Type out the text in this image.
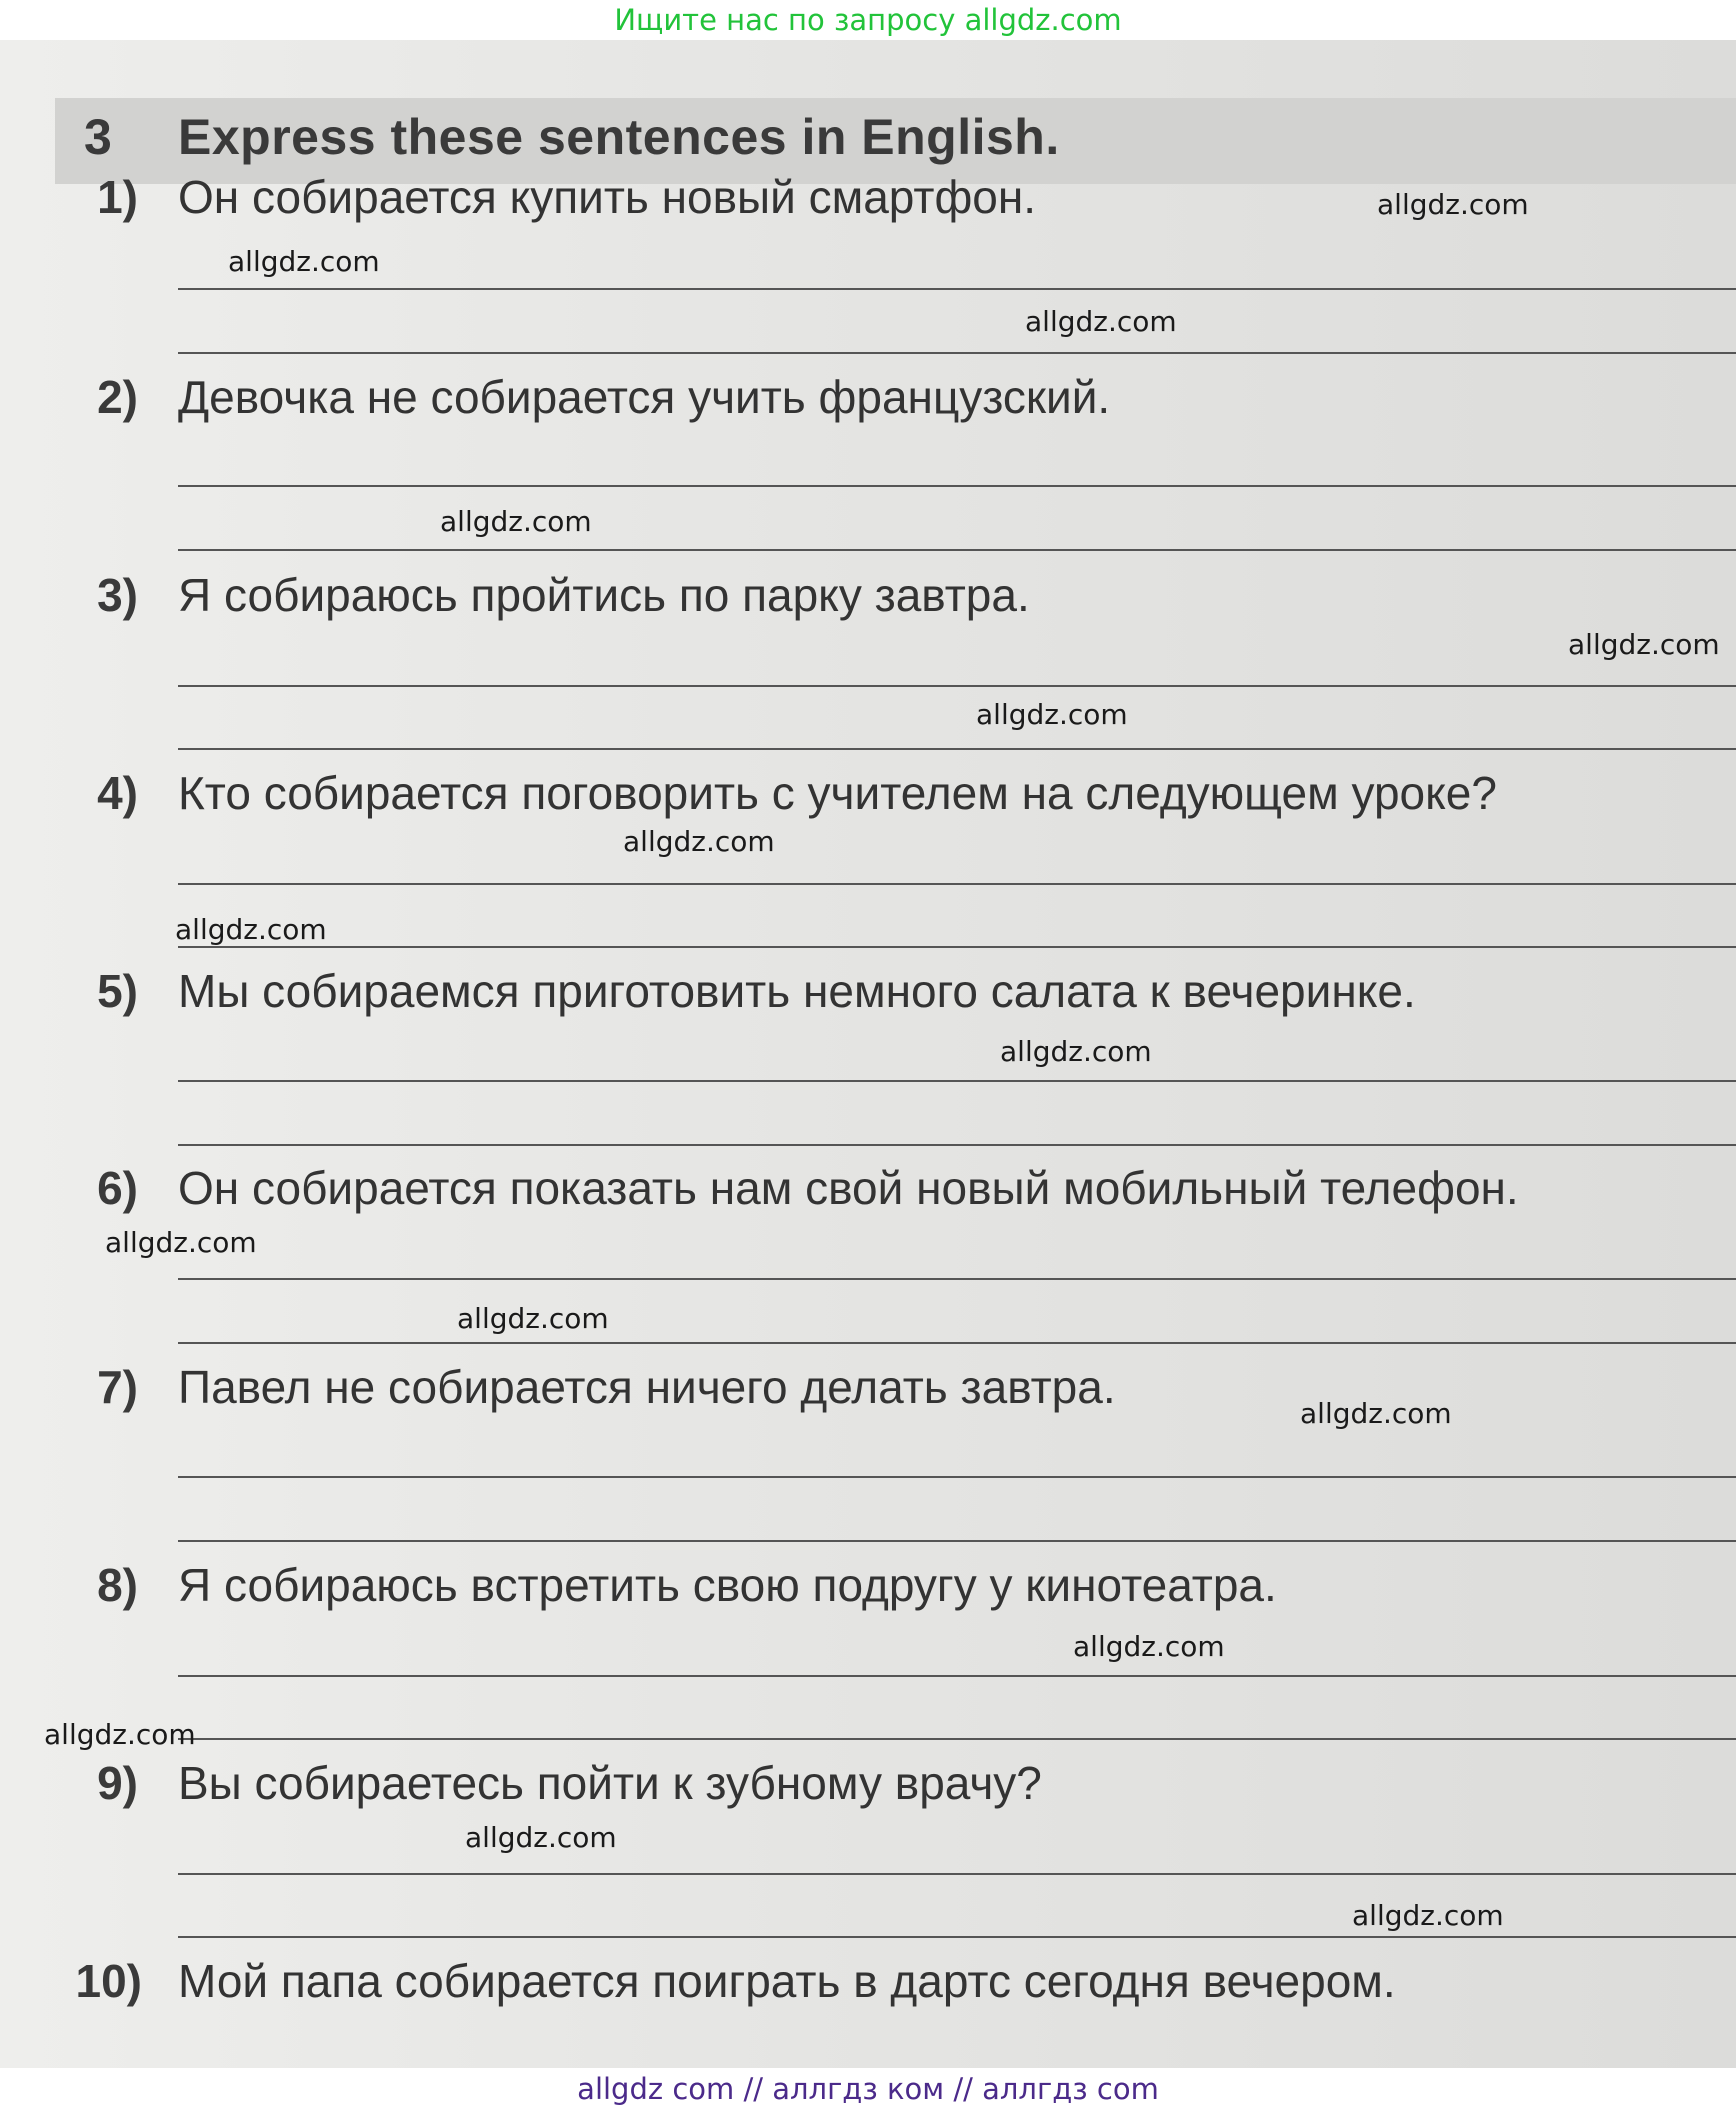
Ищите нас по запросу allgdz.com
3 Express these sentences in English.
1) Он собирается купить новый смартфон.
2) Девочка не собирается учить французский.
3) Я собираюсь пройтись по парку завтра.
4) Кто собирается поговорить с учителем на следующем уроке?
5) Мы собираемся приготовить немного салата к вечеринке.
6) Он собирается показать нам свой новый мобильный телефон.
7) Павел не собирается ничего делать завтра.
8) Я собираюсь встретить свою подругу у кинотеатра.
9) Вы собираетесь пойти к зубному врачу?
10) Мой папа собирается поиграть в дартс сегодня вечером.
allgdz.com
allgdz.com
allgdz.com
allgdz.com
allgdz.com
allgdz.com
allgdz.com
allgdz.com
allgdz.com
allgdz.com
allgdz.com
allgdz.com
allgdz.com
allgdz.com
allgdz.com
allgdz.com
allgdz com // аллгдз ком // аллгдз com
